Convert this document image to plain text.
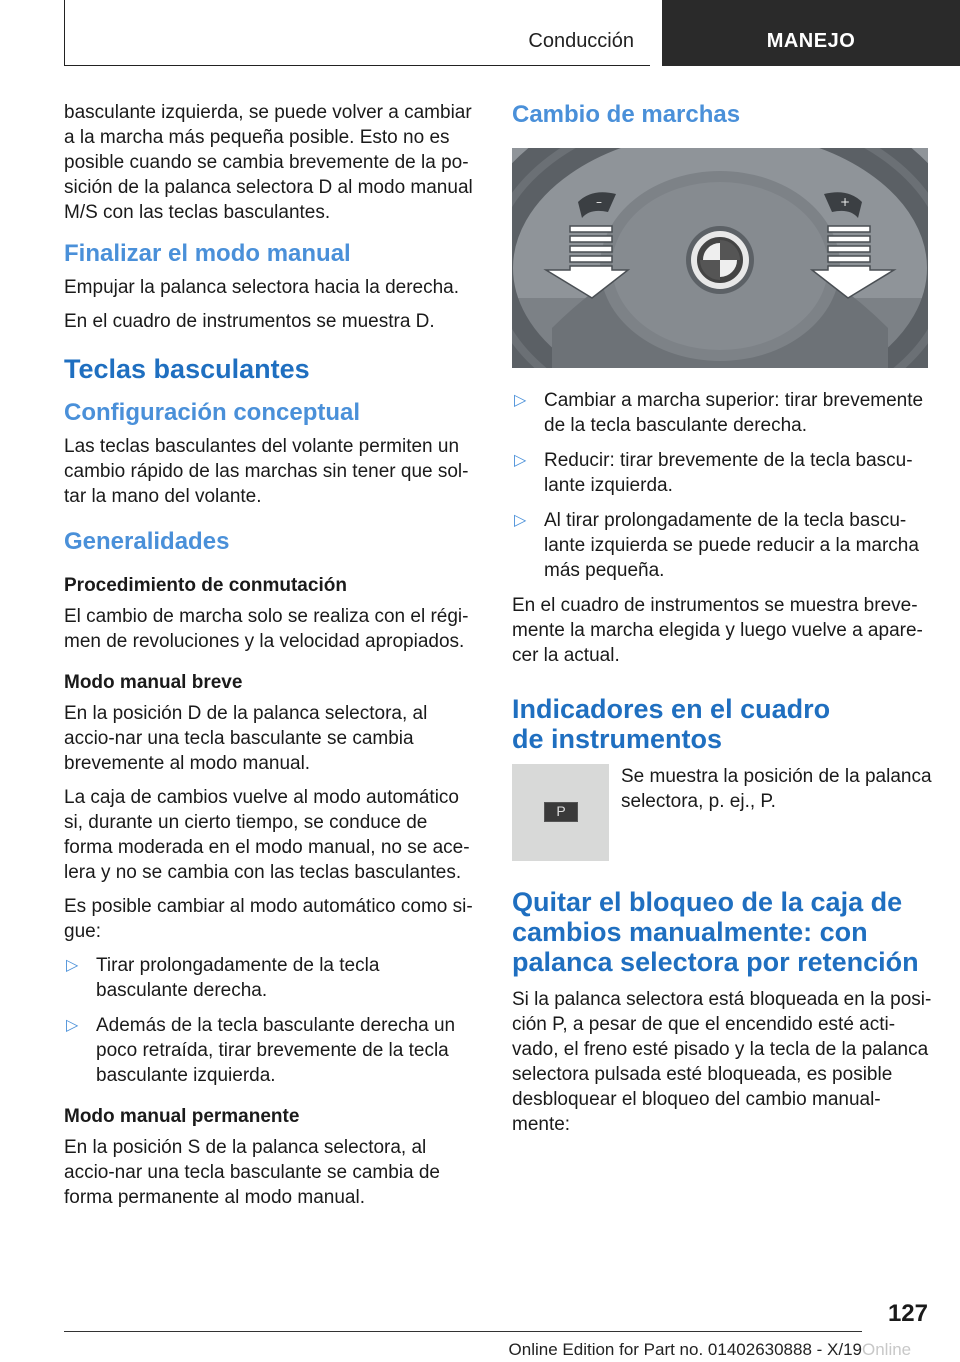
Conducción	MANEJO

basculante izquierda, se puede volver a cambiar a la marcha más pequeña posible. Esto no es posible cuando se cambia brevemente de la po-sición de la palanca selectora D al modo manual M/S con las teclas basculantes.

Finalizar el modo manual

Empujar la palanca selectora hacia la derecha.

En el cuadro de instrumentos se muestra D.

Teclas basculantes
Configuración conceptual

Las teclas basculantes del volante permiten un cambio rápido de las marchas sin tener que sol-tar la mano del volante.

Generalidades
Procedimiento de conmutación

El cambio de marcha solo se realiza con el régi-men de revoluciones y la velocidad apropiados.

Modo manual breve

En la posición D de la palanca selectora, al accio-nar una tecla basculante se cambia brevemente al modo manual.

La caja de cambios vuelve al modo automático si, durante un cierto tiempo, se conduce de forma moderada en el modo manual, no se ace-lera y no se cambia con las teclas basculantes.

Es posible cambiar al modo automático como si-gue:

▷ Tirar prolongadamente de la tecla basculante derecha.
▷ Además de la tecla basculante derecha un poco retraída, tirar brevemente de la tecla basculante izquierda.
Modo manual permanente

En la posición S de la palanca selectora, al accio-nar una tecla basculante se cambia de forma permanente al modo manual.

Cambio de marchas
–	+
▷ Cambiar a marcha superior: tirar brevemente de la tecla basculante derecha.
▷ Reducir: tirar brevemente de la tecla bascu-lante izquierda.
▷ Al tirar prolongadamente de la tecla bascu-lante izquierda se puede reducir a la marcha más pequeña.

En el cuadro de instrumentos se muestra breve-mente la marcha elegida y luego vuelve a apare-cer la actual.

Indicadores en el cuadro
de instrumentos
P
Se muestra la posición de la palanca selectora, p. ej., P.
Quitar el bloqueo de la caja de
cambios manualmente: con
palanca selectora por retención

Si la palanca selectora está bloqueada en la posi-ción P, a pesar de que el encendido esté acti-vado, el freno esté pisado y la tecla de la palanca selectora pulsada esté bloqueada, es posible desbloquear el bloqueo del cambio manual-mente:

127
Online Edition for Part no. 01402630888 - X/19 Online
